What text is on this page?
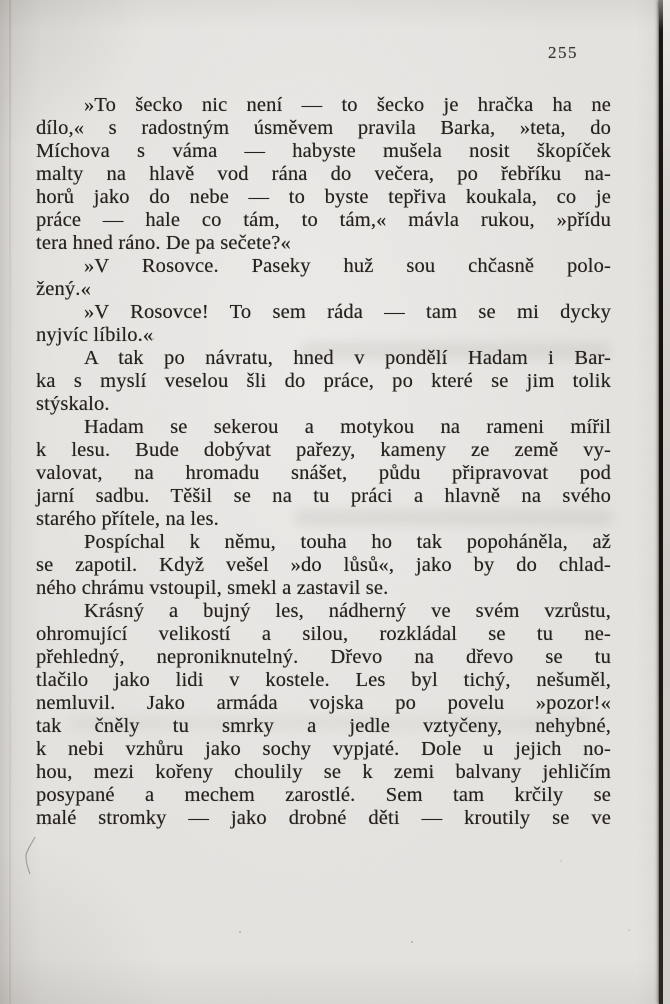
255
»To šecko nic není — to šecko je hračka ha ne
dílo,« s radostným úsměvem pravila Barka, »teta, do
Míchova s váma — habyste mušela nosit škopíček
malty na hlavě vod rána do večera, po řebříku na-
horů jako do nebe — to byste tepřiva koukala, co je
práce — hale co tám, to tám,« mávla rukou, »přídu
tera hned ráno. De pa sečete?«
»V Rosovce. Paseky huž sou chčasně polo-
žený.«
»V Rosovce! To sem ráda — tam se mi dycky
nyjvíc líbilo.«
A tak po návratu, hned v pondělí Hadam i Bar-
ka s myslí veselou šli do práce, po které se jim tolik
stýskalo.
Hadam se sekerou a motykou na rameni mířil
k lesu. Bude dobývat pařezy, kameny ze země vy-
valovat, na hromadu snášet, půdu připravovat pod
jarní sadbu. Těšil se na tu práci a hlavně na svého
starého přítele, na les.
Pospíchal k němu, touha ho tak popoháněla, až
se zapotil. Když vešel »do lůsů«, jako by do chlad-
ného chrámu vstoupil, smekl a zastavil se.
Krásný a bujný les, nádherný ve svém vzrůstu,
ohromující velikostí a silou, rozkládal se tu ne-
přehledný, neproniknutelný. Dřevo na dřevo se tu
tlačilo jako lidi v kostele. Les byl tichý, nešuměl,
nemluvil. Jako armáda vojska po povelu »pozor!«
tak čněly tu smrky a jedle vztyčeny, nehybné,
k nebi vzhůru jako sochy vypjaté. Dole u jejich no-
hou, mezi kořeny choulily se k zemi balvany jehličím
posypané a mechem zarostlé. Sem tam krčily se
malé stromky — jako drobné děti — kroutily se ve
